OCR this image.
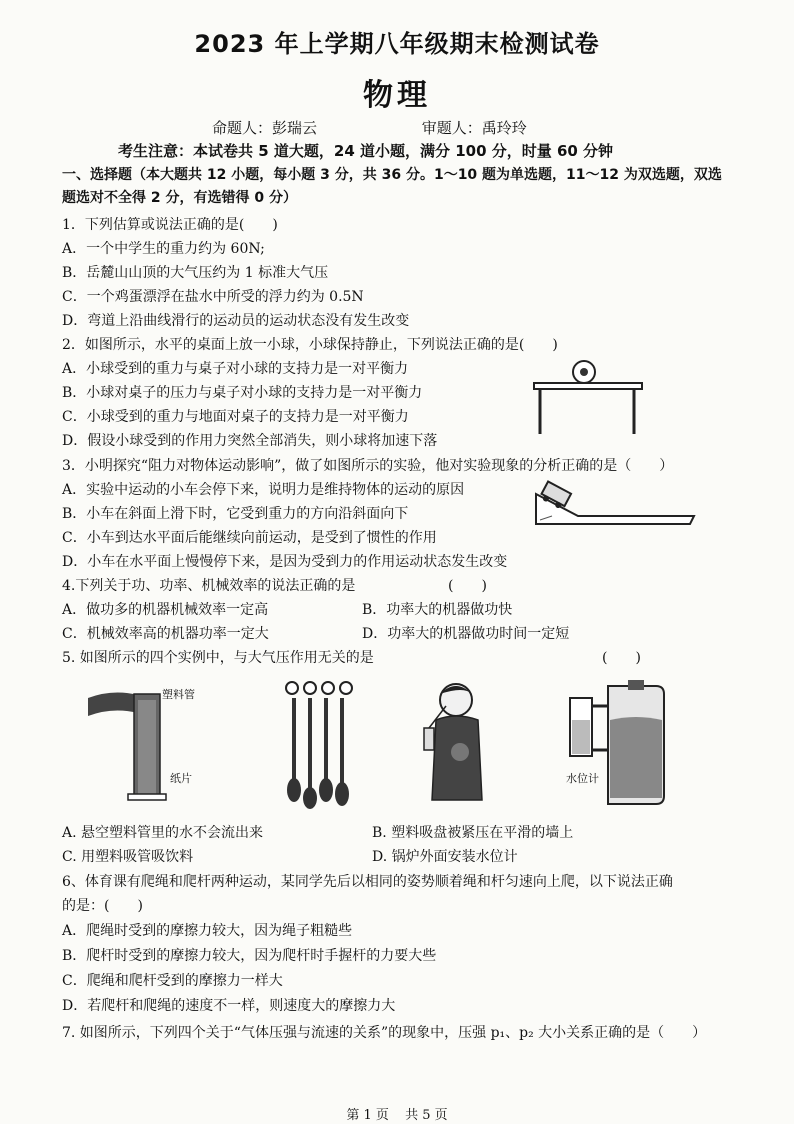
2023 年上学期八年级期末检测试卷
物理
命题人：彭瑞云	审题人：禹玲玲
考生注意：本试卷共 5 道大题，24 道小题，满分 100 分，时量 60 分钟
一、选择题（本大题共 12 小题，每小题 3 分，共 36 分。1～10 题为单选题，11～12 为双选题，双选题选对不全得 2 分，有选错得 0 分）
1．下列估算或说法正确的是(　　)
A．一个中学生的重力约为 60N;
B．岳麓山山顶的大气压约为 1 标准大气压
C．一个鸡蛋漂浮在盐水中所受的浮力约为 0.5N
D．弯道上沿曲线滑行的运动员的运动状态没有发生改变
2．如图所示，水平的桌面上放一小球，小球保持静止，下列说法正确的是(　　)
A．小球受到的重力与桌子对小球的支持力是一对平衡力
B．小球对桌子的压力与桌子对小球的支持力是一对平衡力
C．小球受到的重力与地面对桌子的支持力是一对平衡力
D．假设小球受到的作用力突然全部消失，则小球将加速下落
3．小明探究“阻力对物体运动影响”，做了如图所示的实验，他对实验现象的分析正确的是（　　）
A．实验中运动的小车会停下来，说明力是维持物体的运动的原因
B．小车在斜面上滑下时，它受到重力的方向沿斜面向下
C．小车到达水平面后能继续向前运动，是受到了惯性的作用
D．小车在水平面上慢慢停下来，是因为受到力的作用运动状态发生改变
4.下列关于功、功率、机械效率的说法正确的是	(　　)
A．做功多的机器机械效率一定高	B．功率大的机器做功快
C．机械效率高的机器功率一定大	D．功率大的机器做功时间一定短
5. 如图所示的四个实例中，与大气压作用无关的是	(　　)
塑料管
纸片	水位计
A. 悬空塑料管里的水不会流出来	B. 塑料吸盘被紧压在平滑的墙上
C. 用塑料吸管吸饮料	D. 锅炉外面安装水位计
6、体育课有爬绳和爬杆两种运动，某同学先后以相同的姿势顺着绳和杆匀速向上爬，以下说法正确
的是：(　　)
A．爬绳时受到的摩擦力较大，因为绳子粗糙些
B．爬杆时受到的摩擦力较大，因为爬杆时手握杆的力要大些
C．爬绳和爬杆受到的摩擦力一样大
D．若爬杆和爬绳的速度不一样，则速度大的摩擦力大
7. 如图所示，下列四个关于“气体压强与流速的关系”的现象中，压强 p₁、p₂ 大小关系正确的是（　　）
第 1 页 共 5 页
